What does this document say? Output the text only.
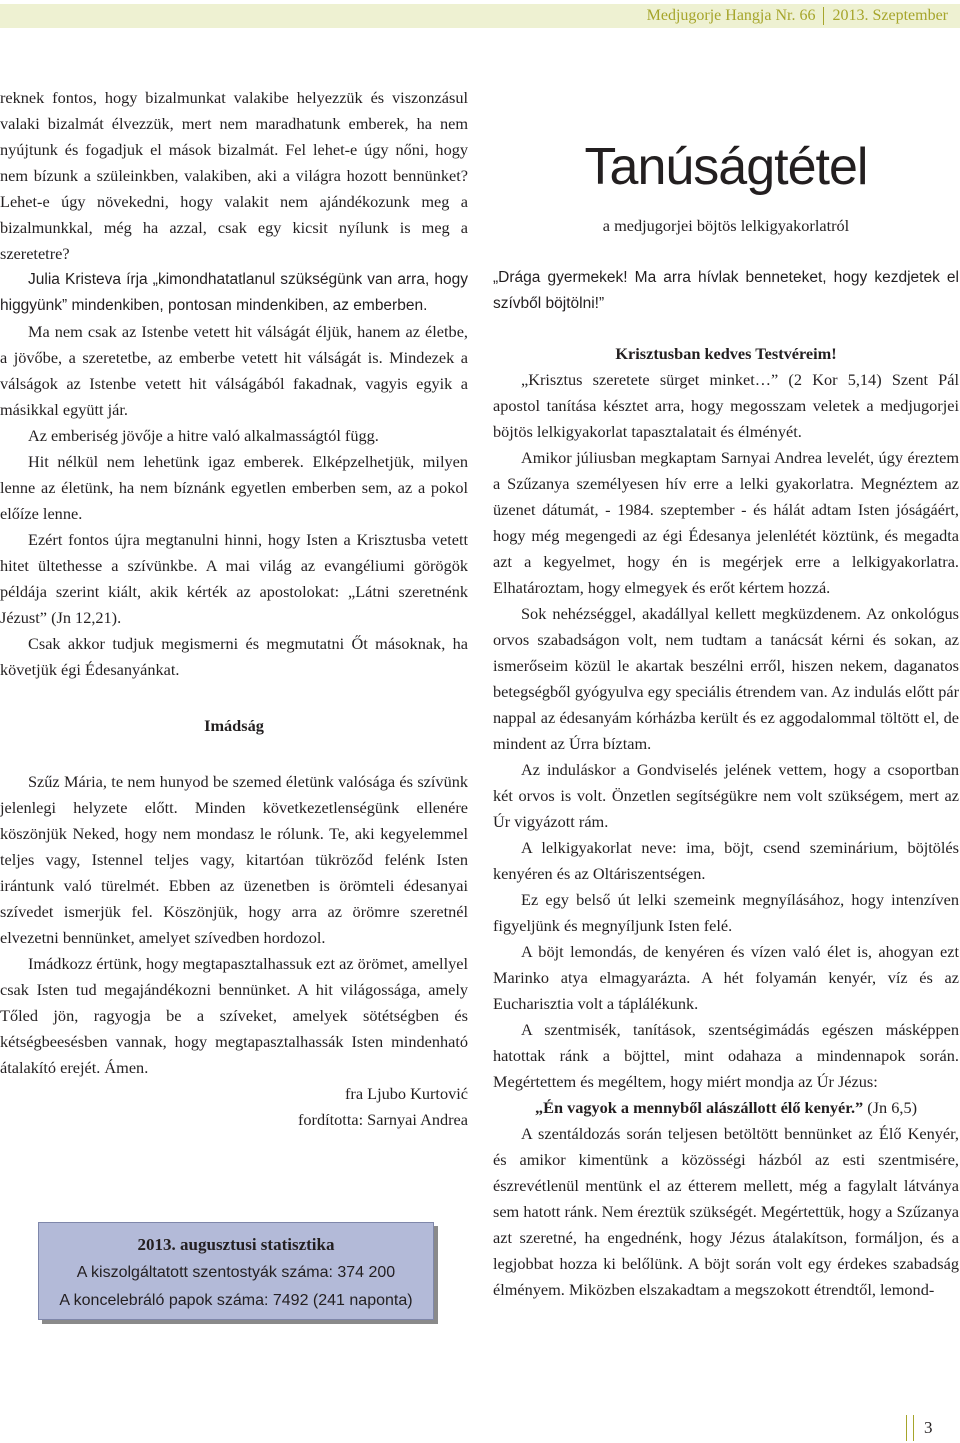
Medjugorje Hangja
Nr. 66 2013. Szeptember

reknek fontos, hogy bizalmunkat valakibe helyezzük és viszonzásul valaki bizalmát élvezzük, mert nem maradhatunk emberek, ha nem nyújtunk és fogadjuk el mások bizalmát. Fel lehet-e úgy nőni, hogy nem bízunk a szüleinkben, valakiben, aki a világra hozott bennünket? Lehet-e úgy növekedni, hogy valakit nem ajándékozunk meg a bizalmunkkal, még ha azzal, csak egy kicsit nyílunk is meg a szeretetre?

Julia Kristeva írja „kimondhatatlanul szükségünk van arra, hogy higgyünk” mindenkiben, pontosan mindenkiben, az emberben.

Ma nem csak az Istenbe vetett hit válságát éljük, hanem az életbe, a jövőbe, a szeretetbe, az emberbe vetett hit válságát is. Mindezek a válságok az Istenbe vetett hit válságából fakadnak, vagyis egyik a másikkal együtt jár.

Az emberiség jövője a hitre való alkalmasságtól függ.

Hit nélkül nem lehetünk igaz emberek. Elképzelhetjük, milyen lenne az életünk, ha nem bíznánk egyetlen emberben sem, az a pokol előíze lenne.

Ezért fontos újra megtanulni hinni, hogy Isten a Krisztusba vetett hitet ültethesse a szívünkbe. A mai világ az evangéliumi görögök példája szerint kiált, akik kérték az apostolokat: „Látni szeretnénk Jézust” (Jn 12,21).

Csak akkor tudjuk megismerni és megmutatni Őt másoknak, ha követjük égi Édesanyánkat.

Imádság

Szűz Mária, te nem hunyod be szemed életünk valósága és szívünk jelenlegi helyzete előtt. Minden következetlenségünk ellenére köszönjük Neked, hogy nem mondasz le rólunk. Te, aki kegyelemmel teljes vagy, Istennel teljes vagy, kitartóan tükröződ felénk Isten irántunk való türelmét. Ebben az üzenetben is örömteli édesanyai szívedet ismerjük fel. Köszönjük, hogy arra az örömre szeretnél elvezetni bennünket, amelyet szívedben hordozol.

Imádkozz értünk, hogy megtapasztalhassuk ezt az örömet, amellyel csak Isten tud megajándékozni bennünket. A hit világossága, amely Tőled jön, ragyogja be a szíveket, amelyek sötétségben és kétségbeesésben vannak, hogy megtapasztalhassák Isten mindenható átalakító erejét. Ámen.

fra Ljubo Kurtović

fordította: Sarnyai Andrea

2013. augusztusi statisztika
A kiszolgáltatott szentostyák száma: 374 200
A koncelebráló papok száma: 7492 (241 naponta)
Tanúságtétel
a medjugorjei böjtös lelkigyakorlatról

„Drága gyermekek! Ma arra hívlak benneteket, hogy kezdjetek el szívből böjtölni!”

Krisztusban kedves Testvéreim!

„Krisztus szeretete sürget minket…” (2 Kor 5,14) Szent Pál apostol tanítása késztet arra, hogy megosszam veletek a medjugorjei böjtös lelkigyakorlat tapasztalatait és élményét.

Amikor júliusban megkaptam Sarnyai Andrea levelét, úgy éreztem a Szűzanya személyesen hív erre a lelki gyakorlatra. Megnéztem az üzenet dátumát, - 1984. szeptember - és hálát adtam Isten jóságáért, hogy még megengedi az égi Édesanya jelenlétét köztünk, és megadta azt a kegyelmet, hogy én is megérjek erre a lelkigyakorlatra. Elhatároztam, hogy elmegyek és erőt kértem hozzá.

Sok nehézséggel, akadállyal kellett megküzdenem. Az onkológus orvos szabadságon volt, nem tudtam a tanácsát kérni és sokan, az ismerőseim közül le akartak beszélni erről, hiszen nekem, daganatos betegségből gyógyulva egy speciális étrendem van. Az indulás előtt pár nappal az édesanyám kórházba került és ez aggodalommal töltött el, de mindent az Úrra bíztam.

Az induláskor a Gondviselés jelének vettem, hogy a csoportban két orvos is volt. Önzetlen segítségükre nem volt szükségem, mert az Úr vigyázott rám.

A lelkigyakorlat neve: ima, böjt, csend szeminárium, böjtölés kenyéren és az Oltáriszentségen.

Ez egy belső út lelki szemeink megnyílásához, hogy intenzíven figyeljünk és megnyíljunk Isten felé.

A böjt lemondás, de kenyéren és vízen való élet is, ahogyan ezt Marinko atya elmagyarázta. A hét folyamán kenyér, víz és az Eucharisztia volt a táplálékunk.

A szentmisék, tanítások, szentségimádás egészen másképpen hatottak ránk a böjttel, mint odahaza a mindennapok során. Megértettem és megéltem, hogy miért mondja az Úr Jézus:

„Én vagyok a mennyből alászállott élő kenyér.” (Jn 6,5)

A szentáldozás során teljesen betöltött bennünket az Élő Kenyér, és amikor kimentünk a közösségi házból az esti szentmisére, észrevétlenül mentünk el az étterem mellett, még a fagylalt látványa sem hatott ránk. Nem éreztük szükségét. Megértettük, hogy a Szűzanya azt szeretné, ha engednénk, hogy Jézus átalakítson, formáljon, és a legjobbat hozza ki belőlünk. A böjt során volt egy érdekes szabadság élményem. Miközben elszakadtam a megszokott étrendtől, lemond-

3
